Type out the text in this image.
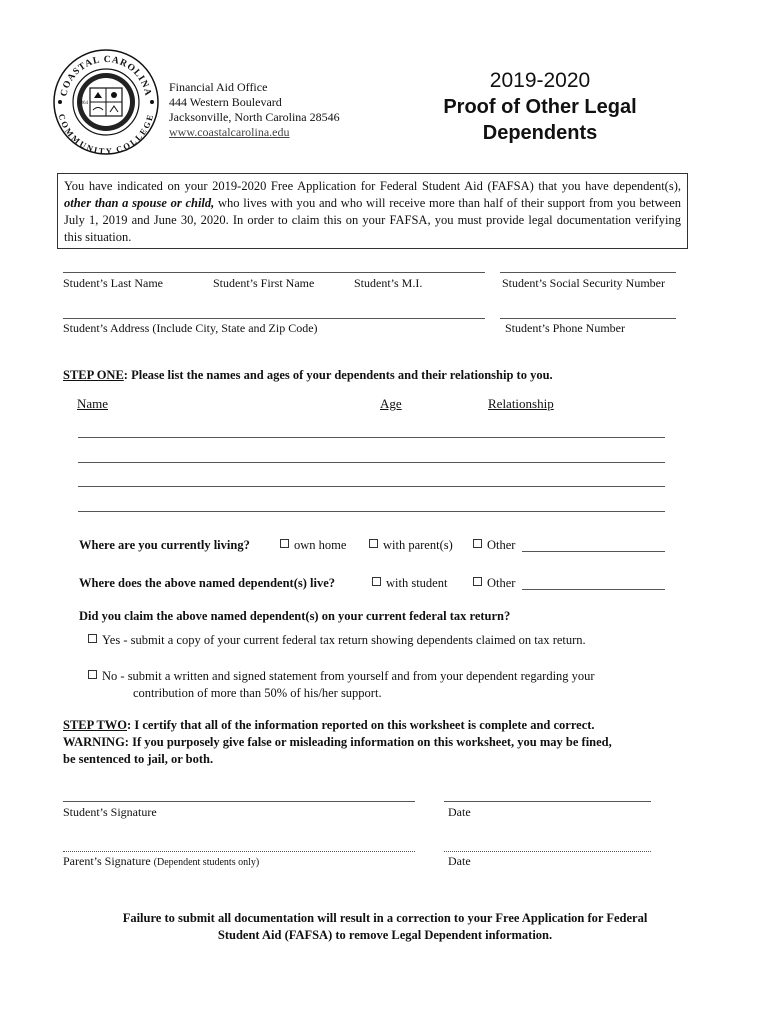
COASTAL CAROLINA
COMMUNITY COLLEGE
1964
Financial Aid Office
444 Western Boulevard
Jacksonville, North Carolina 28546
www.coastalcarolina.edu
2019-2020
Proof of Other Legal
Dependents
You have indicated on your 2019-2020 Free Application for Federal Student Aid (FAFSA) that you have dependent(s), other than a spouse or child, who lives with you and who will receive more than half of their support from you between July 1, 2019 and June 30, 2020. In order to claim this on your FAFSA, you must provide legal documentation verifying this situation.
Student’s Last Name	Student’s First Name	Student’s M.I.	Student’s Social Security Number
Student’s Address (Include City, State and Zip Code)	Student’s Phone Number
STEP ONE: Please list the names and ages of your dependents and their relationship to you.
Name	Age	Relationship
Where are you currently living?	own home	with parent(s)	Other
Where does the above named dependent(s) live?	with student	Other
Did you claim the above named dependent(s) on your current federal tax return?
Yes - submit a copy of your current federal tax return showing dependents claimed on tax return.
No - submit a written and signed statement from yourself and from your dependent regarding your
contribution of more than 50% of his/her support.
STEP TWO: I certify that all of the information reported on this worksheet is complete and correct.
WARNING: If you purposely give false or misleading information on this worksheet, you may be fined,
be sentenced to jail, or both.
Student’s Signature	Date
Parent’s Signature (Dependent students only)	Date
Failure to submit all documentation will result in a correction to your Free Application for Federal
Student Aid (FAFSA) to remove Legal Dependent information.
